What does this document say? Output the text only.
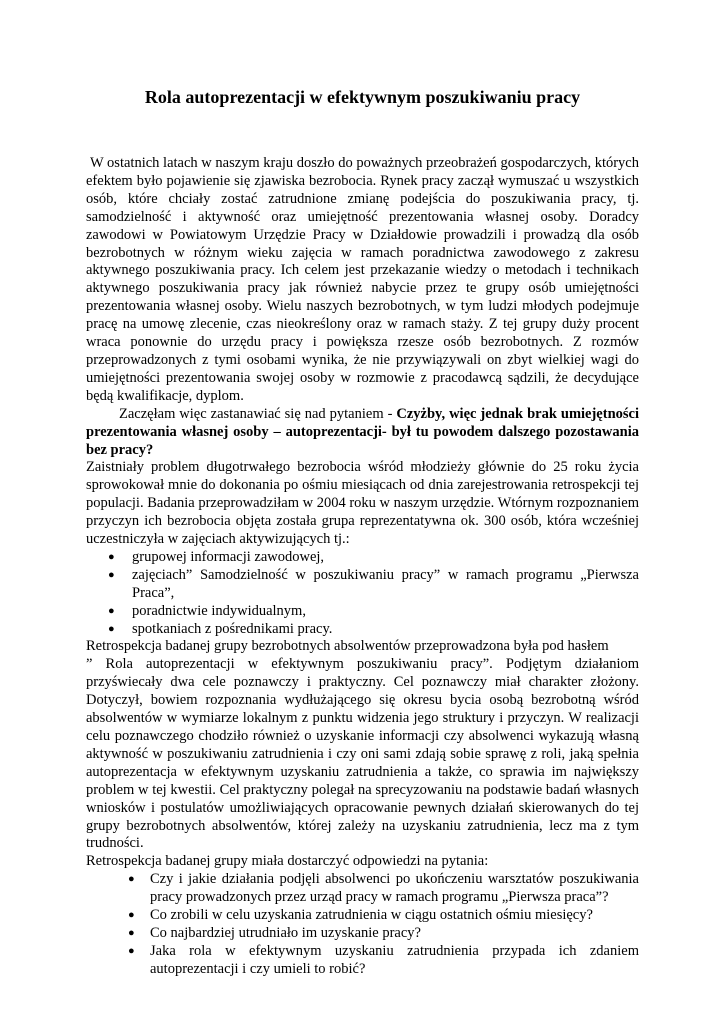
Rola autoprezentacji w efektywnym poszukiwaniu pracy

W ostatnich latach w naszym kraju doszło do poważnych przeobrażeń gospodarczych, których efektem było pojawienie się zjawiska bezrobocia. Rynek pracy zaczął wymuszać u wszystkich osób, które chciały zostać zatrudnione zmianę podejścia do poszukiwania pracy, tj. samodzielność i aktywność oraz umiejętność prezentowania własnej osoby. Doradcy zawodowi w Powiatowym Urzędzie Pracy w Działdowie prowadzili i prowadzą dla osób bezrobotnych w różnym wieku zajęcia w ramach poradnictwa zawodowego z zakresu aktywnego poszukiwania pracy. Ich celem jest przekazanie wiedzy o metodach i technikach aktywnego poszukiwania pracy jak również nabycie przez te grupy osób umiejętności prezentowania własnej osoby. Wielu naszych bezrobotnych, w tym ludzi młodych podejmuje pracę na umowę zlecenie, czas nieokreślony oraz w ramach staży. Z tej grupy duży procent wraca ponownie do urzędu pracy i powiększa rzesze osób bezrobotnych. Z rozmów przeprowadzonych z tymi osobami wynika, że nie przywiązywali on zbyt wielkiej wagi do umiejętności prezentowania swojej osoby w rozmowie z pracodawcą sądzili, że decydujące będą kwalifikacje, dyplom.

Zaczęłam więc zastanawiać się nad pytaniem - Czyżby, więc jednak brak umiejętności prezentowania własnej osoby – autoprezentacji- był tu powodem dalszego pozostawania bez pracy?

Zaistniały problem długotrwałego bezrobocia wśród młodzieży głównie do 25 roku życia sprowokował mnie do dokonania po ośmiu miesiącach od dnia zarejestrowania retrospekcji tej populacji. Badania przeprowadziłam w 2004 roku w naszym urzędzie. Wtórnym rozpoznaniem przyczyn ich bezrobocia objęta została grupa reprezentatywna ok. 300 osób, która wcześniej uczestniczyła w zajęciach aktywizujących tj.:

● grupowej informacji zawodowej,
● zajęciach” Samodzielność w poszukiwaniu pracy” w ramach programu „Pierwsza Praca”,
● poradnictwie indywidualnym,
● spotkaniach z pośrednikami pracy.

Retrospekcja badanej grupy bezrobotnych absolwentów przeprowadzona była pod hasłem

” Rola autoprezentacji w efektywnym poszukiwaniu pracy”. Podjętym działaniom przyświecały dwa cele poznawczy i praktyczny. Cel poznawczy miał charakter złożony. Dotyczył, bowiem rozpoznania wydłużającego się okresu bycia osobą bezrobotną wśród absolwentów w wymiarze lokalnym z punktu widzenia jego struktury i przyczyn. W realizacji celu poznawczego chodziło również o uzyskanie informacji czy absolwenci wykazują własną aktywność w poszukiwaniu zatrudnienia i czy oni sami zdają sobie sprawę z roli, jaką spełnia autoprezentacja w efektywnym uzyskaniu zatrudnienia a także, co sprawia im największy problem w tej kwestii. Cel praktyczny polegał na sprecyzowaniu na podstawie badań własnych wniosków i postulatów umożliwiających opracowanie pewnych działań skierowanych do tej grupy bezrobotnych absolwentów, której zależy na uzyskaniu zatrudnienia, lecz ma z tym trudności.

Retrospekcja badanej grupy miała dostarczyć odpowiedzi na pytania:

● Czy i jakie działania podjęli absolwenci po ukończeniu warsztatów poszukiwania pracy prowadzonych przez urząd pracy w ramach programu „Pierwsza praca”?
● Co zrobili w celu uzyskania zatrudnienia w ciągu ostatnich ośmiu miesięcy?
● Co najbardziej utrudniało im uzyskanie pracy?
● Jaka rola w efektywnym uzyskaniu zatrudnienia przypada ich zdaniem autoprezentacji i czy umieli to robić?
